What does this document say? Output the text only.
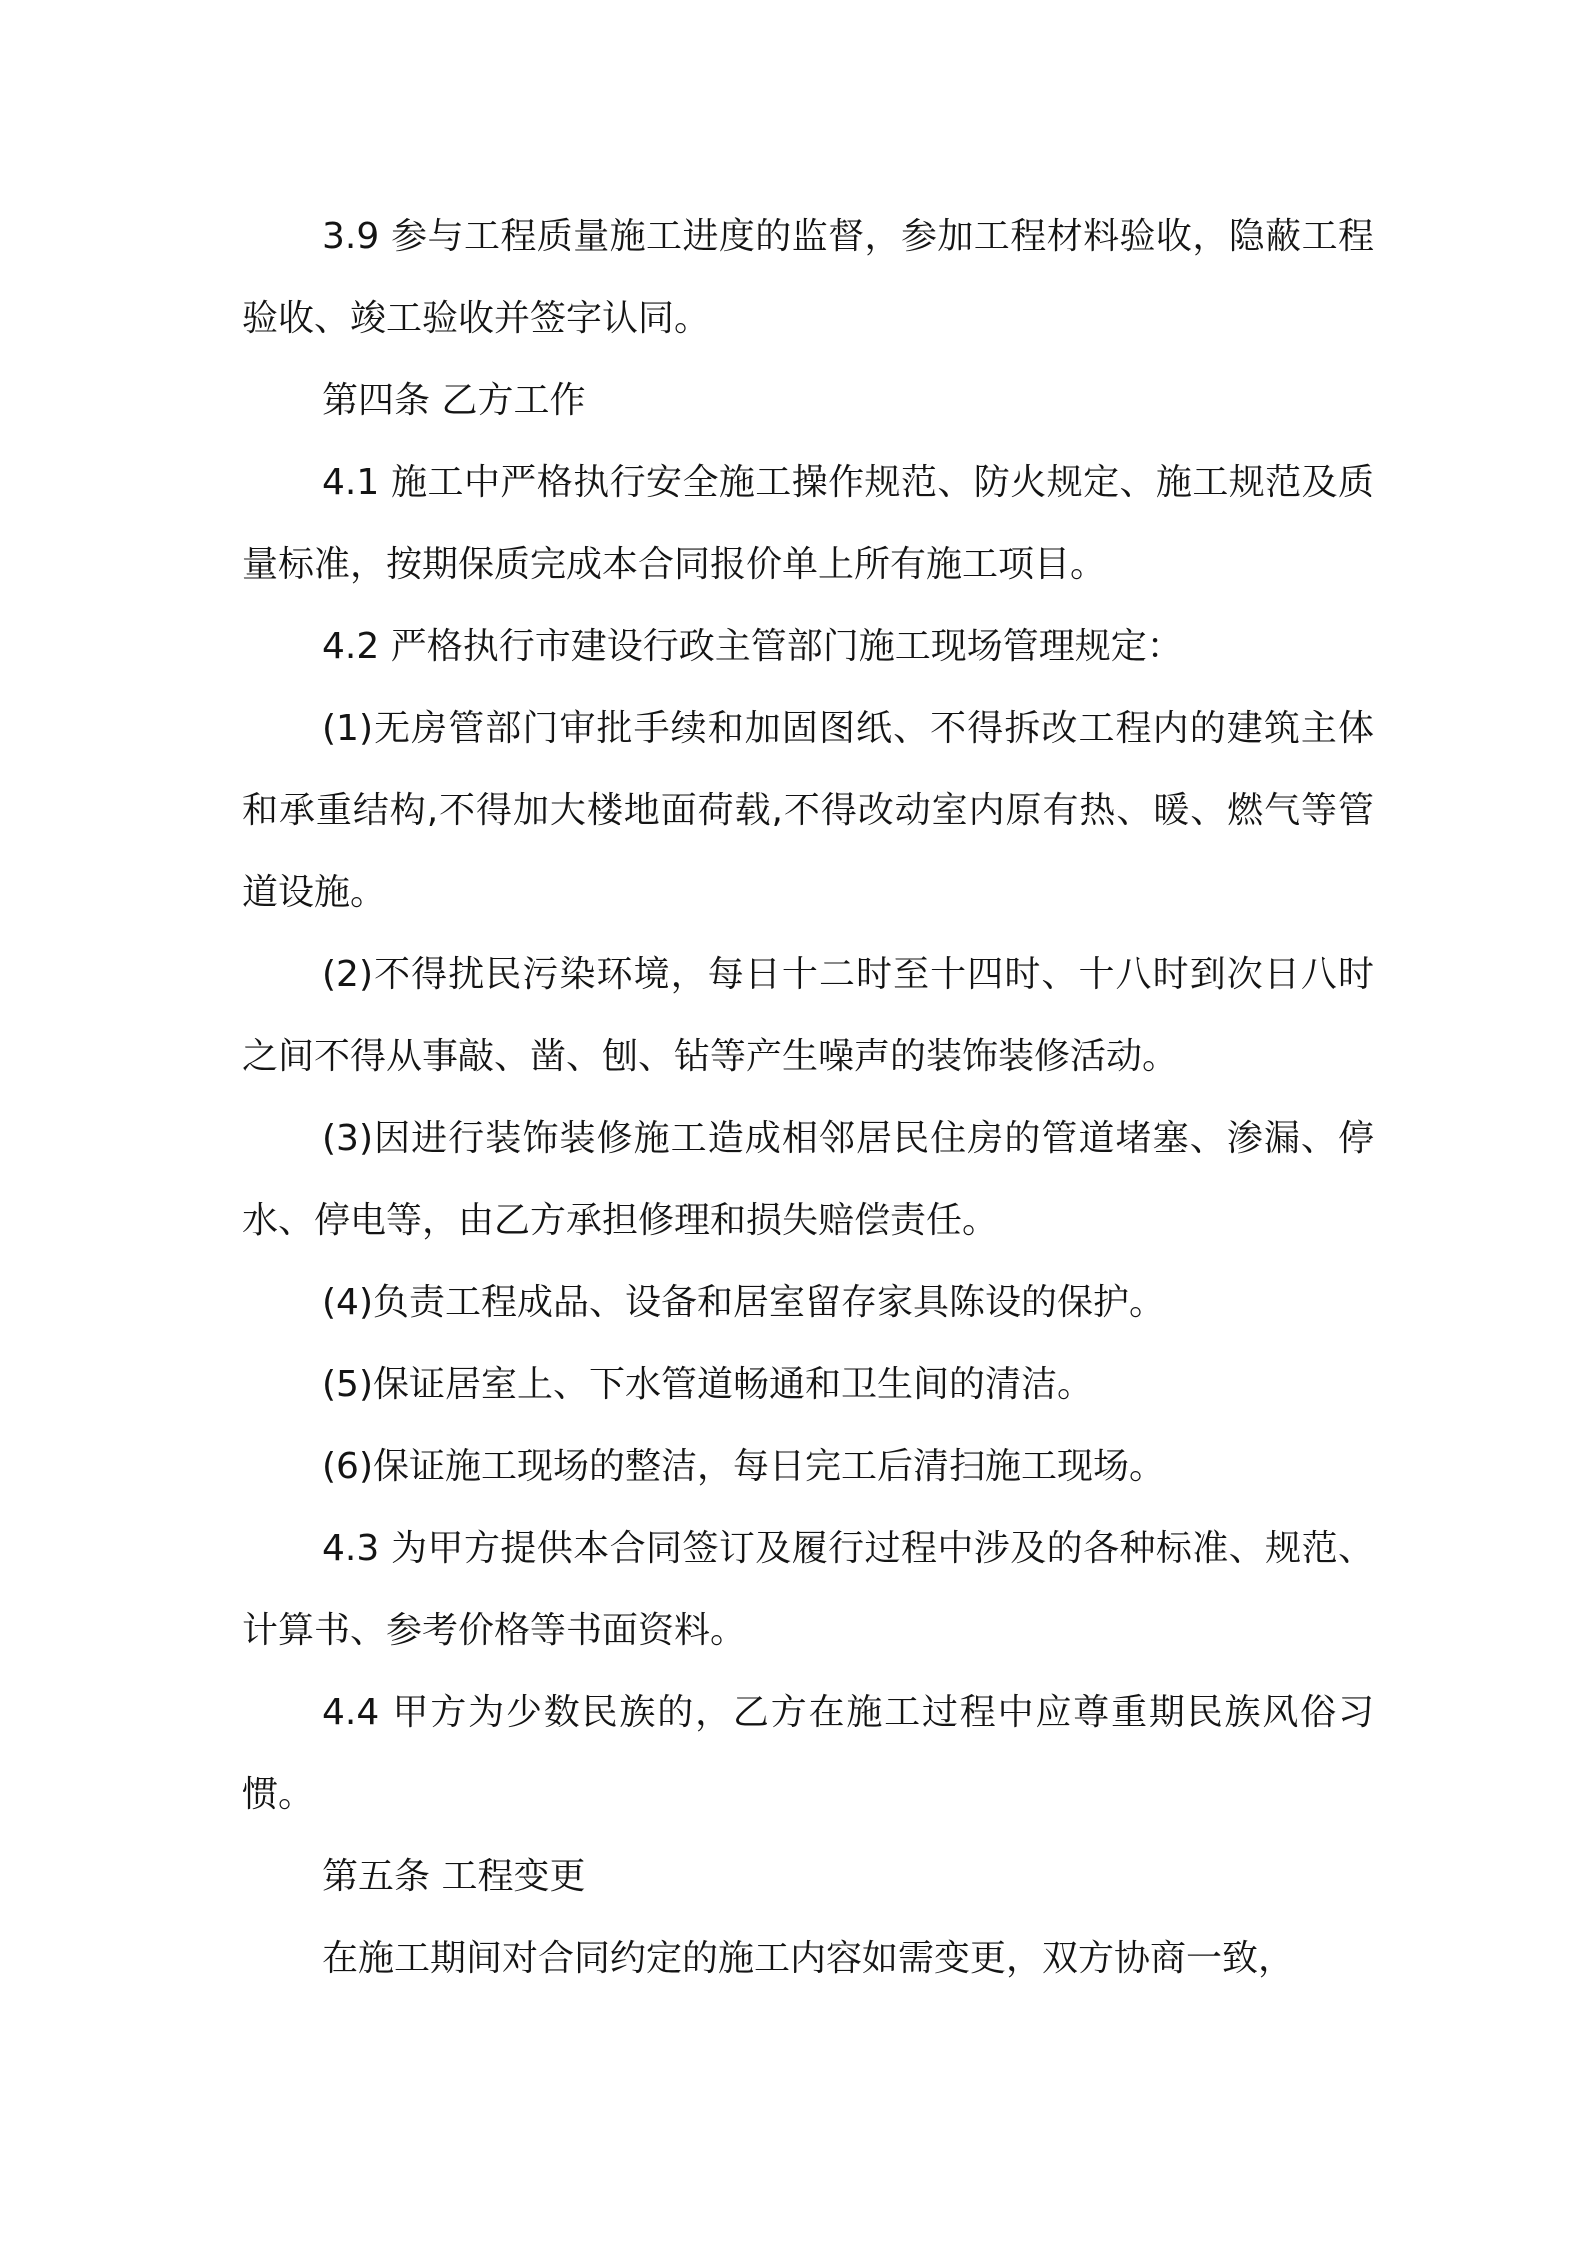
3.9 参与工程质量施工进度的监督，参加工程材料验收，隐蔽工程验收、竣工验收并签字认同。

第四条 乙方工作

4.1 施工中严格执行安全施工操作规范、防火规定、施工规范及质量标准，按期保质完成本合同报价单上所有施工项目。

4.2 严格执行市建设行政主管部门施工现场管理规定：

(1)无房管部门审批手续和加固图纸、不得拆改工程内的建筑主体和承重结构,不得加大楼地面荷载,不得改动室内原有热、暖、燃气等管道设施。

(2)不得扰民污染环境，每日十二时至十四时、十八时到次日八时之间不得从事敲、凿、刨、钻等产生噪声的装饰装修活动。

(3)因进行装饰装修施工造成相邻居民住房的管道堵塞、渗漏、停水、停电等，由乙方承担修理和损失赔偿责任。

(4)负责工程成品、设备和居室留存家具陈设的保护。

(5)保证居室上、下水管道畅通和卫生间的清洁。

(6)保证施工现场的整洁，每日完工后清扫施工现场。

4.3 为甲方提供本合同签订及履行过程中涉及的各种标准、规范、计算书、参考价格等书面资料。

4.4 甲方为少数民族的，乙方在施工过程中应尊重期民族风俗习惯。

第五条 工程变更

在施工期间对合同约定的施工内容如需变更，双方协商一致，
